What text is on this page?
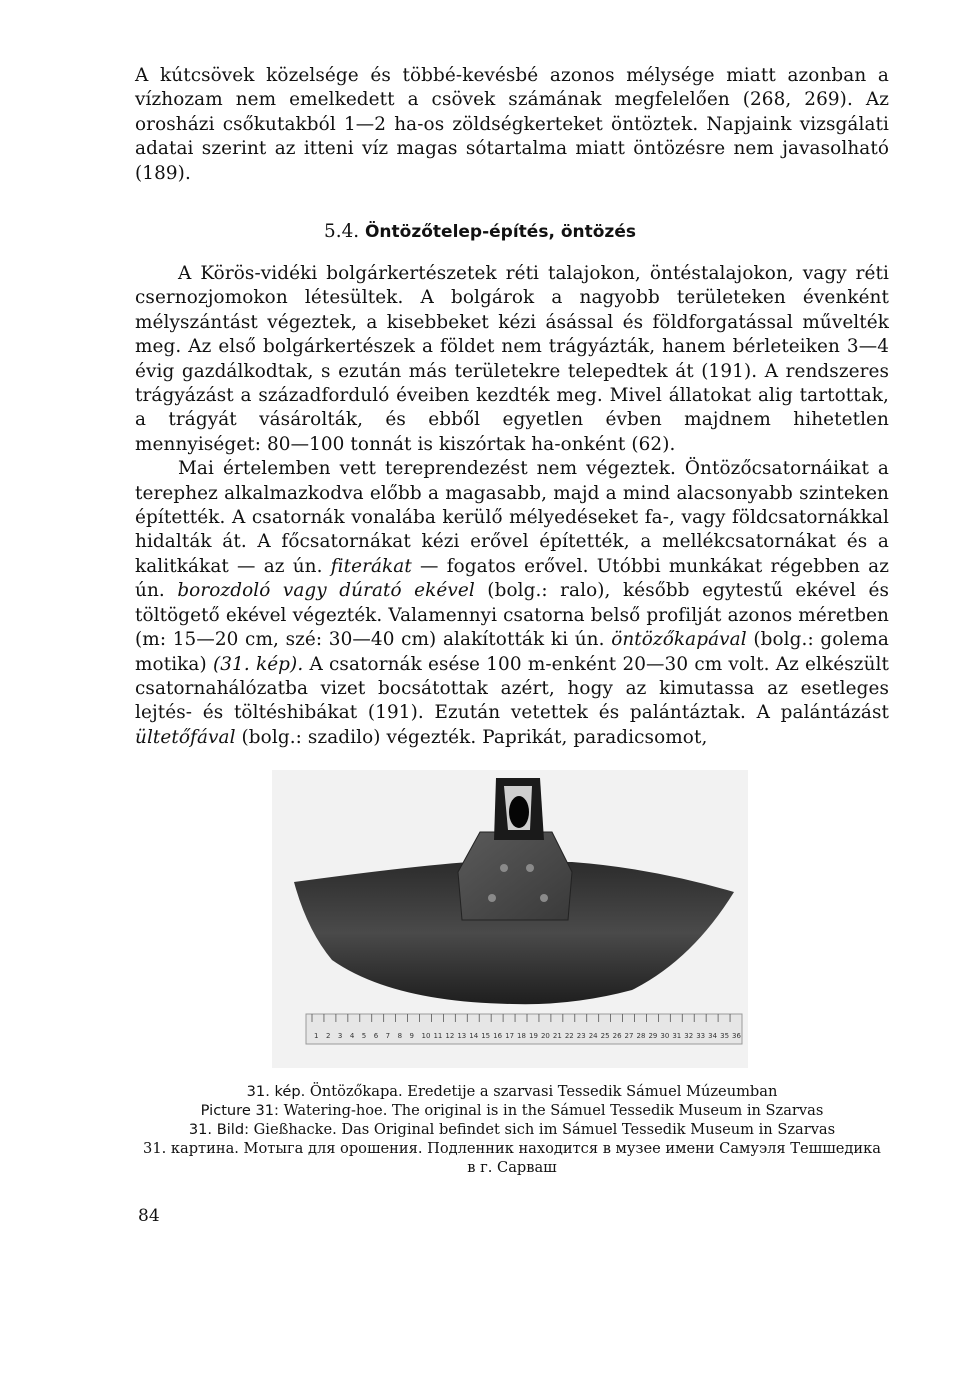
A kútcsövek közelsége és többé-kevésbé azonos mélysége miatt azonban a vízhozam nem emelkedett a csövek számának megfelelően (268, 269). Az orosházi csőkutakból 1—2 ha-os zöldségkerteket öntöztek. Napjaink vizsgálati adatai szerint az itteni víz magas sótartalma miatt öntözésre nem javasolható (189).
5.4. Öntözőtelep-építés, öntözés

A Körös-vidéki bolgárkertészetek réti talajokon, öntéstalajokon, vagy réti csernozjomokon létesültek. A bolgárok a nagyobb területeken évenként mélyszántást végeztek, a kisebbeket kézi ásással és földforgatással művelték meg. Az első bolgárkertészek a földet nem trágyázták, hanem bérleteiken 3—4 évig gazdálkodtak, s ezután más területekre telepedtek át (191). A rendszeres trágyázást a századforduló éveiben kezdték meg. Mivel állatokat alig tartottak, a trágyát vásárolták, és ebből egyetlen évben majdnem hihetetlen mennyiséget: 80—100 tonnát is kiszórtak ha-onként (62).

Mai értelemben vett tereprendezést nem végeztek. Öntözőcsatornáikat a terephez alkalmazkodva előbb a magasabb, majd a mind alacsonyabb szinteken építették. A csatornák vonalába kerülő mélyedéseket fa-, vagy földcsatornákkal hidalták át. A főcsatornákat kézi erővel építették, a mellékcsatornákat és a kalitkákat — az ún. fiterákat — fogatos erővel. Utóbbi munkákat régebben az ún. borozdoló vagy dúrató ekével (bolg.: ralo), később egytestű ekével és töltögető ekével végezték. Valamennyi csatorna belső profilját azonos méretben (m: 15—20 cm, szé: 30—40 cm) alakították ki ún. öntözőkapával (bolg.: golema motika) (31. kép). A csatornák esése 100 m-enként 20—30 cm volt. Az elkészült csatornahálózatba vizet bocsátottak azért, hogy az kimutassa az esetleges lejtés- és töltéshibákat (191). Ezután vetettek és palántáztak. A palántázást ültetőfával (bolg.: szadilo) végezték. Paprikát, paradicsomot,

1 2 3 4 5 6 7 8 9 10 11 12 13 14 15 16 17 18 19 20 21 22 23 24 25 26 27 28 29 30 31 32 33 34 35 36
31. kép. Öntözőkapa. Eredetije a szarvasi Tessedik Sámuel Múzeumban
Picture 31: Watering-hoe. The original is in the Sámuel Tessedik Museum in Szarvas
31. Bild: Gießhacke. Das Original befindet sich im Sámuel Tessedik Museum in Szarvas
31. картина. Мотыга для орошения. Подленник находится в музее имени Самуэля Тешшедика
в г. Сарваш
84
